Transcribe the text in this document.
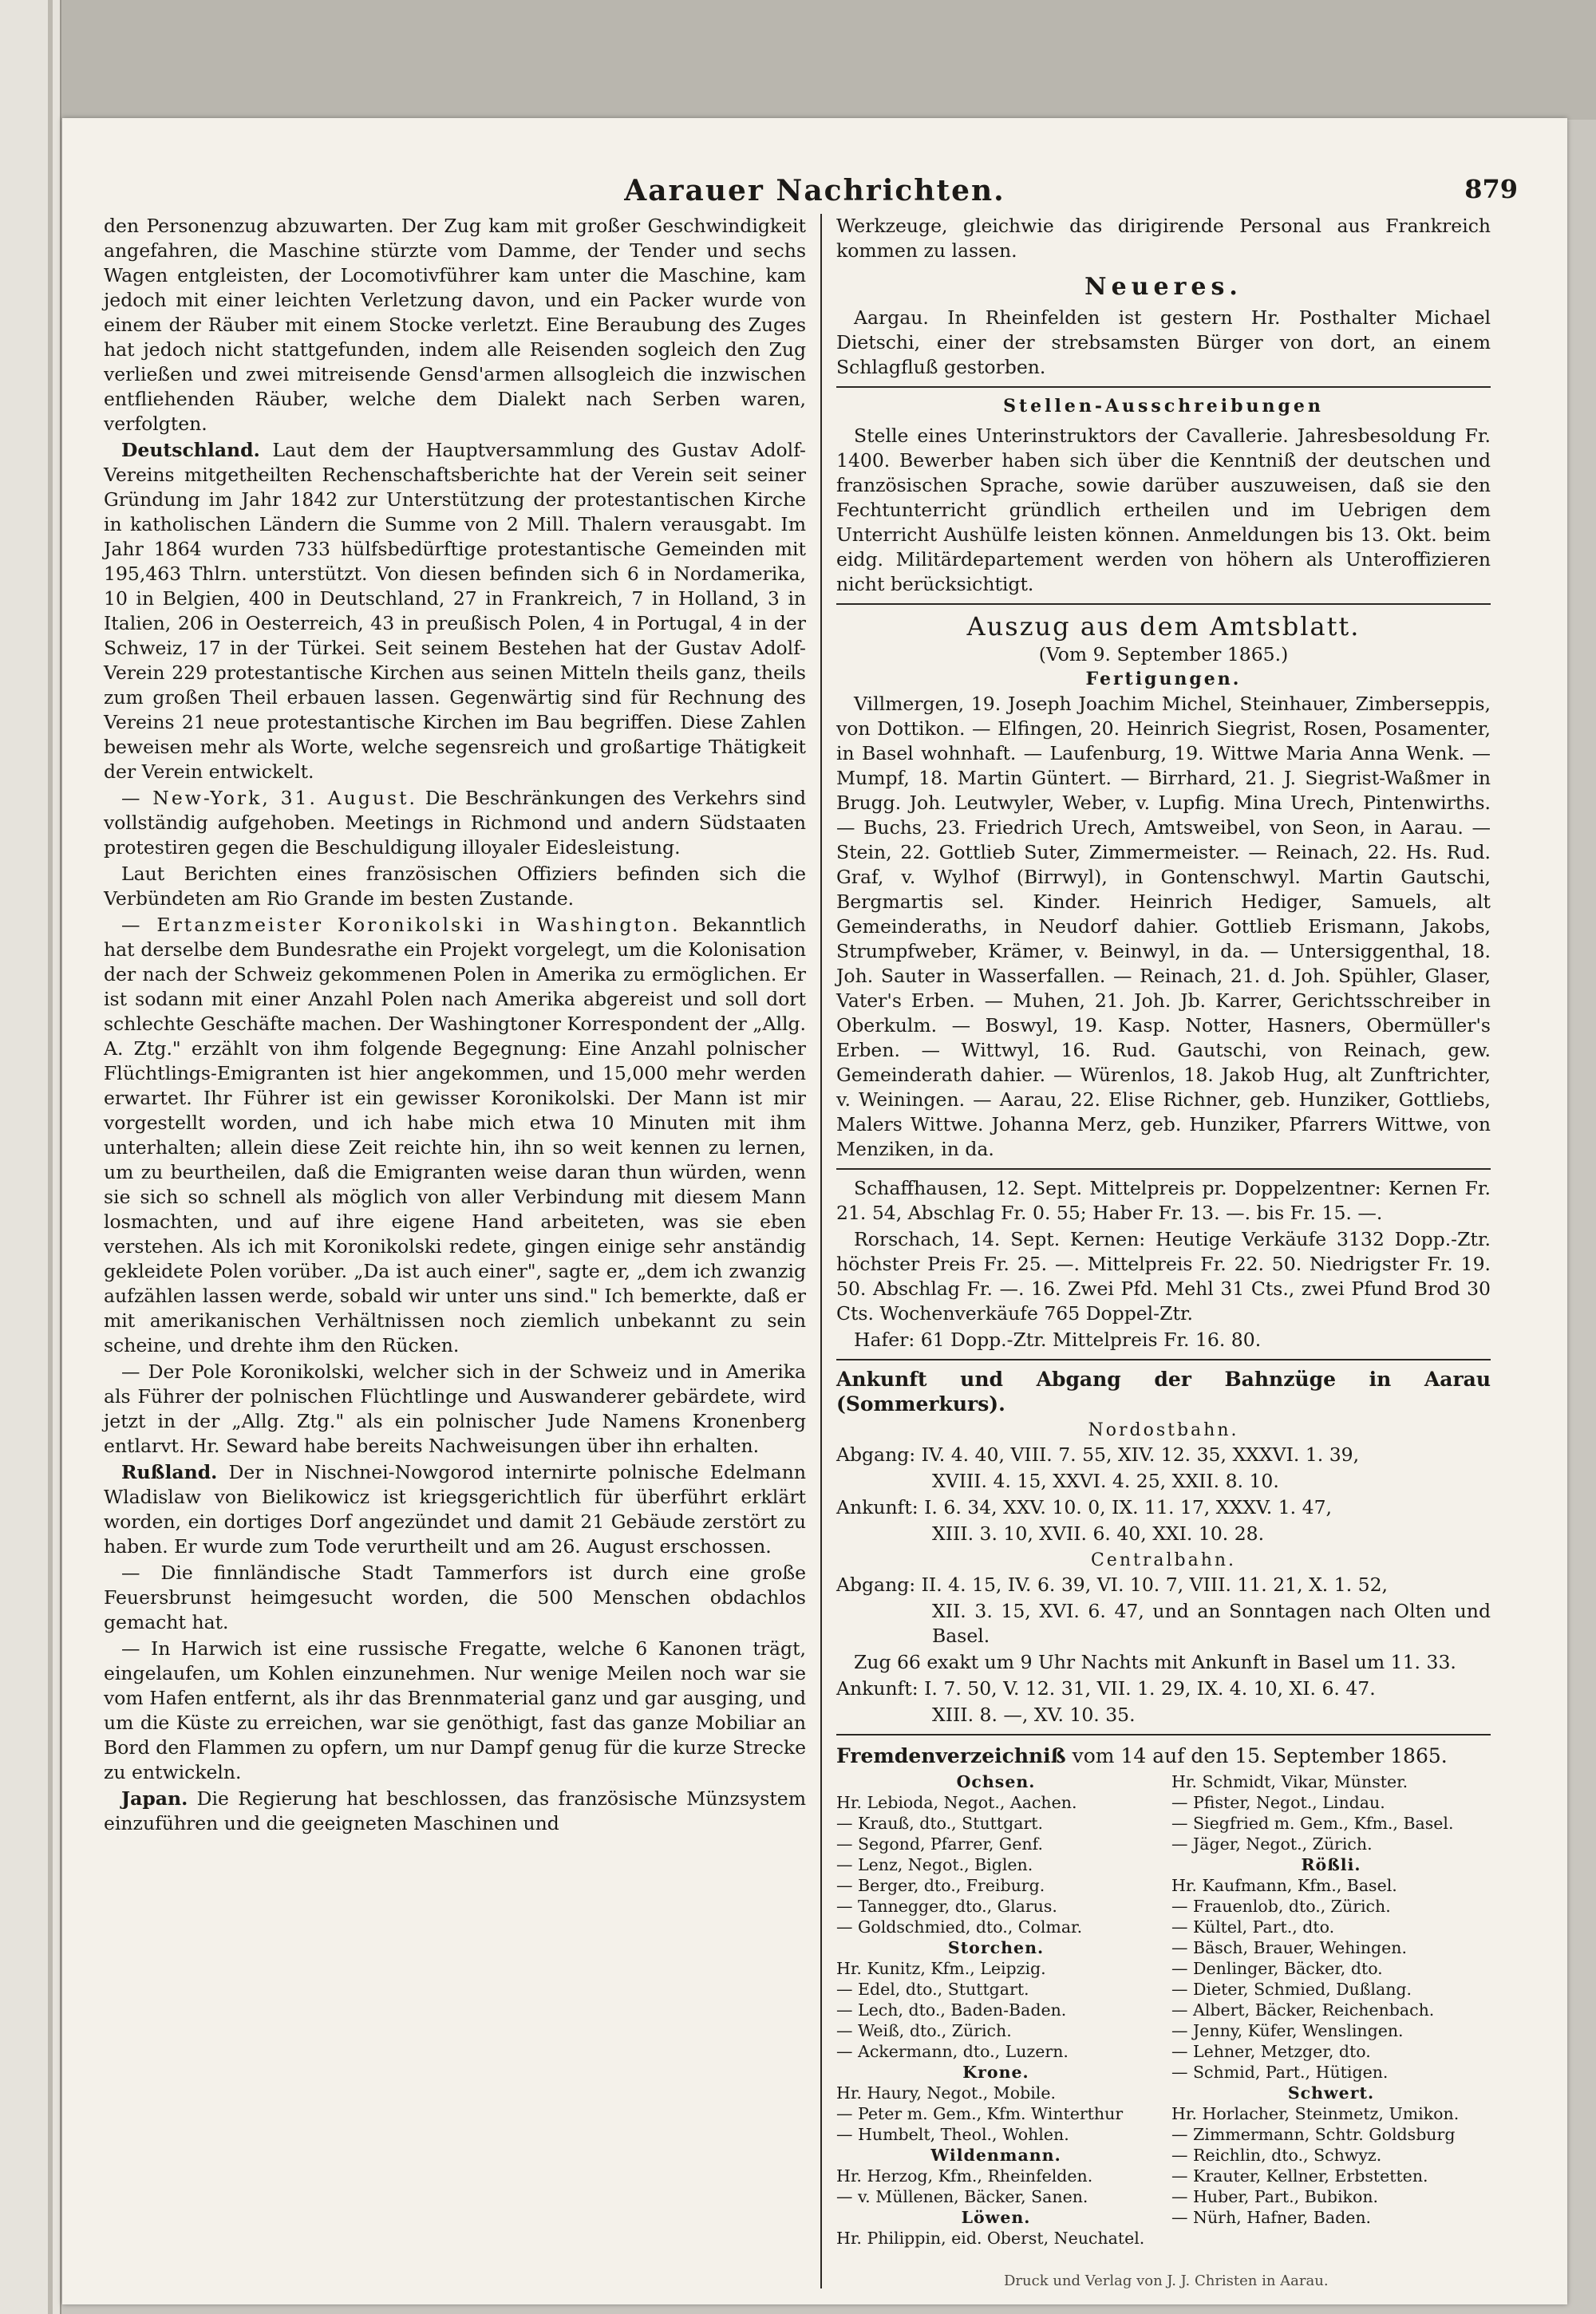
Aarauer Nachrichten.	879

den Personenzug abzuwarten. Der Zug kam mit großer Geschwindigkeit angefahren, die Maschine stürzte vom Damme, der Tender und sechs Wagen entgleisten, der Locomotivführer kam unter die Maschine, kam jedoch mit einer leichten Verletzung davon, und ein Packer wurde von einem der Räuber mit einem Stocke verletzt. Eine Beraubung des Zuges hat jedoch nicht stattgefunden, indem alle Reisenden sogleich den Zug verließen und zwei mitreisende Gensd'armen allsogleich die inzwischen entfliehenden Räuber, welche dem Dialekt nach Serben waren, verfolgten.

Deutschland. Laut dem der Hauptversammlung des Gustav Adolf-Vereins mitgetheilten Rechenschaftsberichte hat der Verein seit seiner Gründung im Jahr 1842 zur Unterstützung der protestantischen Kirche in katholischen Ländern die Summe von 2 Mill. Thalern verausgabt. Im Jahr 1864 wurden 733 hülfsbedürftige protestantische Gemeinden mit 195,463 Thlrn. unterstützt. Von diesen befinden sich 6 in Nordamerika, 10 in Belgien, 400 in Deutschland, 27 in Frankreich, 7 in Holland, 3 in Italien, 206 in Oesterreich, 43 in preußisch Polen, 4 in Portugal, 4 in der Schweiz, 17 in der Türkei. Seit seinem Bestehen hat der Gustav Adolf-Verein 229 protestantische Kirchen aus seinen Mitteln theils ganz, theils zum großen Theil erbauen lassen. Gegenwärtig sind für Rechnung des Vereins 21 neue protestantische Kirchen im Bau begriffen. Diese Zahlen beweisen mehr als Worte, welche segensreich und großartige Thätigkeit der Verein entwickelt.

— New-York, 31. August. Die Beschränkungen des Verkehrs sind vollständig aufgehoben. Meetings in Richmond und andern Südstaaten protestiren gegen die Beschuldigung illoyaler Eidesleistung.

Laut Berichten eines französischen Offiziers befinden sich die Verbündeten am Rio Grande im besten Zustande.

— Ertanzmeister Koronikolski in Washington. Bekanntlich hat derselbe dem Bundesrathe ein Projekt vorgelegt, um die Kolonisation der nach der Schweiz gekommenen Polen in Amerika zu ermöglichen. Er ist sodann mit einer Anzahl Polen nach Amerika abgereist und soll dort schlechte Geschäfte machen. Der Washingtoner Korrespondent der „Allg. A. Ztg." erzählt von ihm folgende Begegnung: Eine Anzahl polnischer Flüchtlings-Emigranten ist hier angekommen, und 15,000 mehr werden erwartet. Ihr Führer ist ein gewisser Koronikolski. Der Mann ist mir vorgestellt worden, und ich habe mich etwa 10 Minuten mit ihm unterhalten; allein diese Zeit reichte hin, ihn so weit kennen zu lernen, um zu beurtheilen, daß die Emigranten weise daran thun würden, wenn sie sich so schnell als möglich von aller Verbindung mit diesem Mann losmachten, und auf ihre eigene Hand arbeiteten, was sie eben verstehen. Als ich mit Koronikolski redete, gingen einige sehr anständig gekleidete Polen vorüber. „Da ist auch einer", sagte er, „dem ich zwanzig aufzählen lassen werde, sobald wir unter uns sind." Ich bemerkte, daß er mit amerikanischen Verhältnissen noch ziemlich unbekannt zu sein scheine, und drehte ihm den Rücken.

— Der Pole Koronikolski, welcher sich in der Schweiz und in Amerika als Führer der polnischen Flüchtlinge und Auswanderer gebärdete, wird jetzt in der „Allg. Ztg." als ein polnischer Jude Namens Kronenberg entlarvt. Hr. Seward habe bereits Nachweisungen über ihn erhalten.

Rußland. Der in Nischnei-Nowgorod internirte polnische Edelmann Wladislaw von Bielikowicz ist kriegsgerichtlich für überführt erklärt worden, ein dortiges Dorf angezündet und damit 21 Gebäude zerstört zu haben. Er wurde zum Tode verurtheilt und am 26. August erschossen.

— Die finnländische Stadt Tammerfors ist durch eine große Feuersbrunst heimgesucht worden, die 500 Menschen obdachlos gemacht hat.

— In Harwich ist eine russische Fregatte, welche 6 Kanonen trägt, eingelaufen, um Kohlen einzunehmen. Nur wenige Meilen noch war sie vom Hafen entfernt, als ihr das Brennmaterial ganz und gar ausging, und um die Küste zu erreichen, war sie genöthigt, fast das ganze Mobiliar an Bord den Flammen zu opfern, um nur Dampf genug für die kurze Strecke zu entwickeln.

Japan. Die Regierung hat beschlossen, das französische Münzsystem einzuführen und die geeigneten Maschinen und

Werkzeuge, gleichwie das dirigirende Personal aus Frankreich kommen zu lassen.

Neueres.

Aargau. In Rheinfelden ist gestern Hr. Posthalter Michael Dietschi, einer der strebsamsten Bürger von dort, an einem Schlagfluß gestorben.

Stellen-Ausschreibungen

Stelle eines Unterinstruktors der Cavallerie. Jahresbesoldung Fr. 1400. Bewerber haben sich über die Kenntniß der deutschen und französischen Sprache, sowie darüber auszuweisen, daß sie den Fechtunterricht gründlich ertheilen und im Uebrigen dem Unterricht Aushülfe leisten können. Anmeldungen bis 13. Okt. beim eidg. Militärdepartement werden von höhern als Unteroffizieren nicht berücksichtigt.

Auszug aus dem Amtsblatt.
(Vom 9. September 1865.)
Fertigungen.

Villmergen, 19. Joseph Joachim Michel, Steinhauer, Zimberseppis, von Dottikon. — Elfingen, 20. Heinrich Siegrist, Rosen, Posamenter, in Basel wohnhaft. — Laufenburg, 19. Wittwe Maria Anna Wenk. — Mumpf, 18. Martin Güntert. — Birrhard, 21. J. Siegrist-Waßmer in Brugg. Joh. Leutwyler, Weber, v. Lupfig. Mina Urech, Pintenwirths. — Buchs, 23. Friedrich Urech, Amtsweibel, von Seon, in Aarau. — Stein, 22. Gottlieb Suter, Zimmermeister. — Reinach, 22. Hs. Rud. Graf, v. Wylhof (Birrwyl), in Gontenschwyl. Martin Gautschi, Bergmartis sel. Kinder. Heinrich Hediger, Samuels, alt Gemeinderaths, in Neudorf dahier. Gottlieb Erismann, Jakobs, Strumpfweber, Krämer, v. Beinwyl, in da. — Untersiggenthal, 18. Joh. Sauter in Wasserfallen. — Reinach, 21. d. Joh. Spühler, Glaser, Vater's Erben. — Muhen, 21. Joh. Jb. Karrer, Gerichtsschreiber in Oberkulm. — Boswyl, 19. Kasp. Notter, Hasners, Obermüller's Erben. — Wittwyl, 16. Rud. Gautschi, von Reinach, gew. Gemeinderath dahier. — Würenlos, 18. Jakob Hug, alt Zunftrichter, v. Weiningen. — Aarau, 22. Elise Richner, geb. Hunziker, Gottliebs, Malers Wittwe. Johanna Merz, geb. Hunziker, Pfarrers Wittwe, von Menziken, in da.

Schaffhausen, 12. Sept. Mittelpreis pr. Doppelzentner: Kernen Fr. 21. 54, Abschlag Fr. 0. 55; Haber Fr. 13. —. bis Fr. 15. —.

Rorschach, 14. Sept. Kernen: Heutige Verkäufe 3132 Dopp.-Ztr. höchster Preis Fr. 25. —. Mittelpreis Fr. 22. 50. Niedrigster Fr. 19. 50. Abschlag Fr. —. 16. Zwei Pfd. Mehl 31 Cts., zwei Pfund Brod 30 Cts. Wochenverkäufe 765 Doppel-Ztr.

Hafer: 61 Dopp.-Ztr. Mittelpreis Fr. 16. 80.

Ankunft und Abgang der Bahnzüge in Aarau (Sommerkurs).
Nordostbahn.

Abgang: IV. 4. 40, VIII. 7. 55, XIV. 12. 35, XXXVI. 1. 39,

XVIII. 4. 15, XXVI. 4. 25, XXII. 8. 10.

Ankunft: I. 6. 34, XXV. 10. 0, IX. 11. 17, XXXV. 1. 47,

XIII. 3. 10, XVII. 6. 40, XXI. 10. 28.

Centralbahn.

Abgang: II. 4. 15, IV. 6. 39, VI. 10. 7, VIII. 11. 21, X. 1. 52,

XII. 3. 15, XVI. 6. 47, und an Sonntagen nach Olten und Basel.

Zug 66 exakt um 9 Uhr Nachts mit Ankunft in Basel um 11. 33.

Ankunft: I. 7. 50, V. 12. 31, VII. 1. 29, IX. 4. 10, XI. 6. 47.

XIII. 8. —, XV. 10. 35.

Fremdenverzeichniß vom 14 auf den 15. September 1865.
Ochsen.
Hr. Lebioda, Negot., Aachen.
— Krauß, dto., Stuttgart.
— Segond, Pfarrer, Genf.
— Lenz, Negot., Biglen.
— Berger, dto., Freiburg.
— Tannegger, dto., Glarus.
— Goldschmied, dto., Colmar.
Storchen.
Hr. Kunitz, Kfm., Leipzig.
— Edel, dto., Stuttgart.
— Lech, dto., Baden-Baden.
— Weiß, dto., Zürich.
— Ackermann, dto., Luzern.
Krone.
Hr. Haury, Negot., Mobile.
— Peter m. Gem., Kfm. Winterthur
— Humbelt, Theol., Wohlen.
Wildenmann.
Hr. Herzog, Kfm., Rheinfelden.
— v. Müllenen, Bäcker, Sanen.
Löwen.
Hr. Philippin, eid. Oberst, Neuchatel.
Hr. Schmidt, Vikar, Münster.
— Pfister, Negot., Lindau.
— Siegfried m. Gem., Kfm., Basel.
— Jäger, Negot., Zürich.
Rößli.
Hr. Kaufmann, Kfm., Basel.
— Frauenlob, dto., Zürich.
— Kültel, Part., dto.
— Bäsch, Brauer, Wehingen.
— Denlinger, Bäcker, dto.
— Dieter, Schmied, Dußlang.
— Albert, Bäcker, Reichenbach.
— Jenny, Küfer, Wenslingen.
— Lehner, Metzger, dto.
— Schmid, Part., Hütigen.
Schwert.
Hr. Horlacher, Steinmetz, Umikon.
— Zimmermann, Schtr. Goldsburg
— Reichlin, dto., Schwyz.
— Krauter, Kellner, Erbstetten.
— Huber, Part., Bubikon.
— Nürh, Hafner, Baden.
Druck und Verlag von J. J. Christen in Aarau.
